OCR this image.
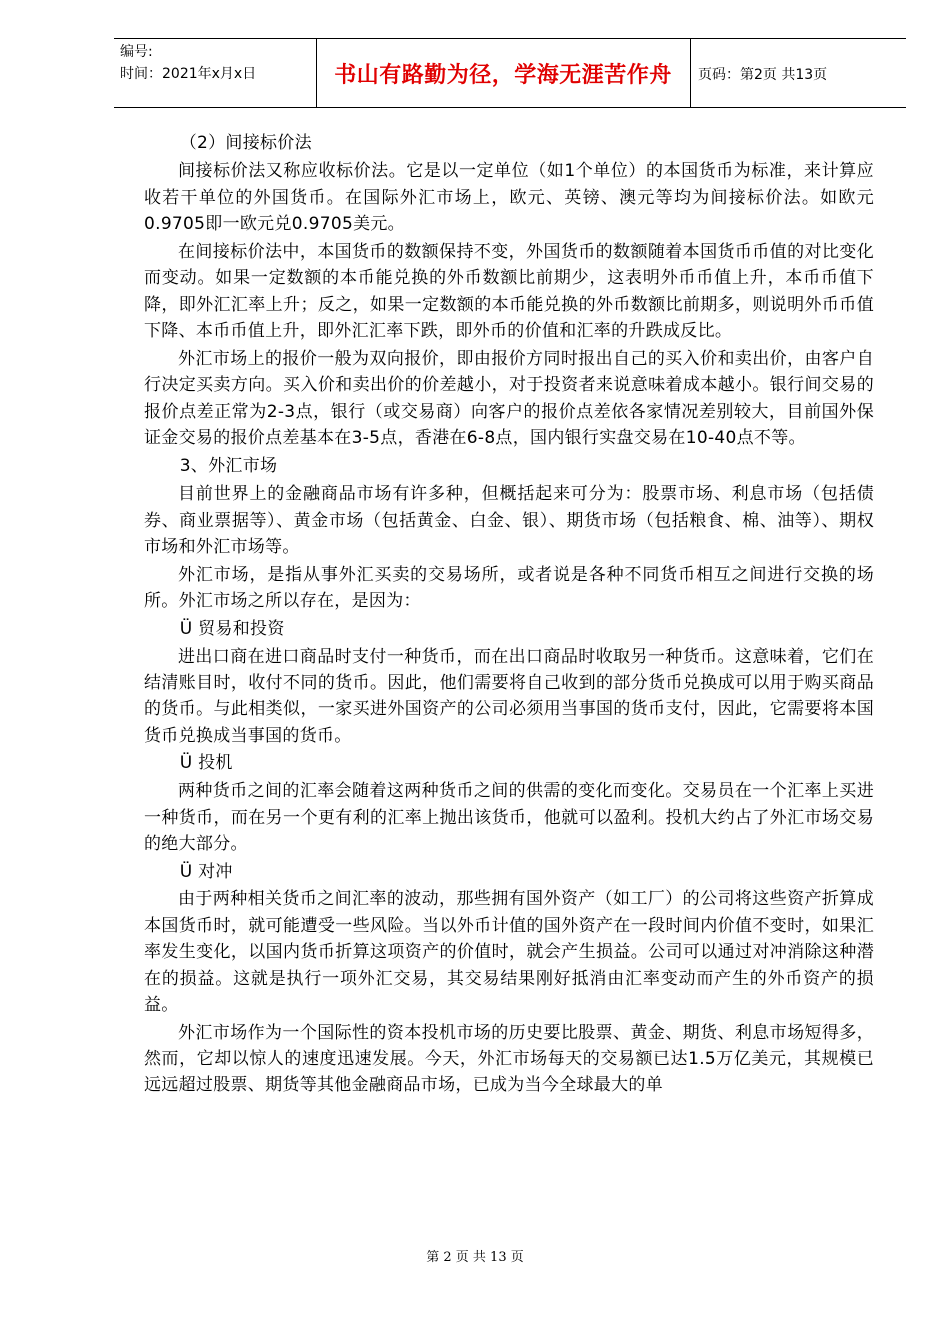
编号:
时间：2021年x月x日	书山有路勤为径，学海无涯苦作舟	页码：第2页 共13页

（2）间接标价法

间接标价法又称应收标价法。它是以一定单位（如1个单位）的本国货币为标准，来计算应收若干单位的外国货币。在国际外汇市场上，欧元、英镑、澳元等均为间接标价法。如欧元0.9705即一欧元兑0.9705美元。

在间接标价法中，本国货币的数额保持不变，外国货币的数额随着本国货币币值的对比变化而变动。如果一定数额的本币能兑换的外币数额比前期少，这表明外币币值上升，本币币值下降，即外汇汇率上升；反之，如果一定数额的本币能兑换的外币数额比前期多，则说明外币币值下降、本币币值上升，即外汇汇率下跌，即外币的价值和汇率的升跌成反比。

外汇市场上的报价一般为双向报价，即由报价方同时报出自己的买入价和卖出价，由客户自行决定买卖方向。买入价和卖出价的价差越小，对于投资者来说意味着成本越小。银行间交易的报价点差正常为2-3点，银行（或交易商）向客户的报价点差依各家情况差别较大，目前国外保证金交易的报价点差基本在3-5点，香港在6-8点，国内银行实盘交易在10-40点不等。

3、外汇市场

目前世界上的金融商品市场有许多种，但概括起来可分为：股票市场、利息市场（包括债券、商业票据等）、黄金市场（包括黄金、白金、银）、期货市场（包括粮食、棉、油等）、期权市场和外汇市场等。

外汇市场，是指从事外汇买卖的交易场所，或者说是各种不同货币相互之间进行交换的场所。外汇市场之所以存在，是因为：

Ü 贸易和投资

进出口商在进口商品时支付一种货币，而在出口商品时收取另一种货币。这意味着，它们在结清账目时，收付不同的货币。因此，他们需要将自己收到的部分货币兑换成可以用于购买商品的货币。与此相类似，一家买进外国资产的公司必须用当事国的货币支付，因此，它需要将本国货币兑换成当事国的货币。

Ü 投机

两种货币之间的汇率会随着这两种货币之间的供需的变化而变化。交易员在一个汇率上买进一种货币，而在另一个更有利的汇率上抛出该货币，他就可以盈利。投机大约占了外汇市场交易的绝大部分。

Ü 对冲

由于两种相关货币之间汇率的波动，那些拥有国外资产（如工厂）的公司将这些资产折算成本国货币时，就可能遭受一些风险。当以外币计值的国外资产在一段时间内价值不变时，如果汇率发生变化，以国内货币折算这项资产的价值时，就会产生损益。公司可以通过对冲消除这种潜在的损益。这就是执行一项外汇交易，其交易结果刚好抵消由汇率变动而产生的外币资产的损益。

外汇市场作为一个国际性的资本投机市场的历史要比股票、黄金、期货、利息市场短得多，然而，它却以惊人的速度迅速发展。今天，外汇市场每天的交易额已达1.5万亿美元，其规模已远远超过股票、期货等其他金融商品市场，已成为当今全球最大的单

第 2 页 共 13 页
